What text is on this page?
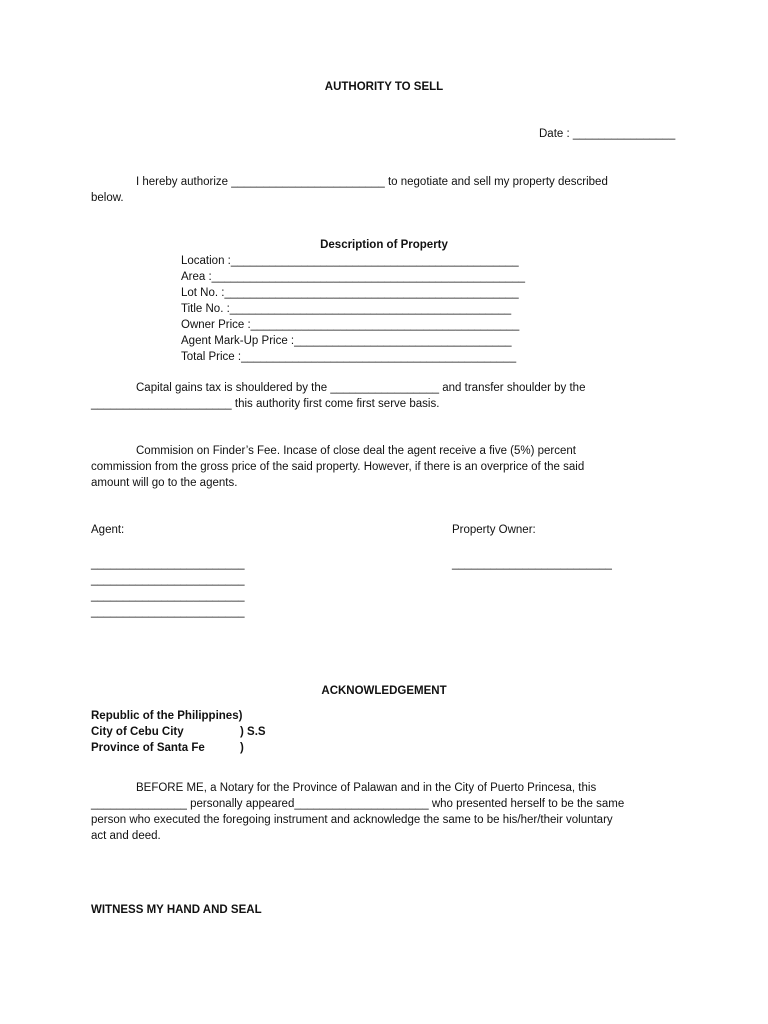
AUTHORITY TO SELL
Date : ________________
I hereby authorize ________________________ to negotiate and sell my property described
below.
Description of Property
Location :_____________________________________________
Area :_________________________________________________
Lot No. :______________________________________________
Title No. :____________________________________________
Owner Price :__________________________________________
Agent Mark-Up Price :__________________________________
Total Price :___________________________________________
Capital gains tax is shouldered by the _________________ and transfer shoulder by the
______________________ this authority first come first serve basis.
Commision on Finder’s Fee. Incase of close deal the agent receive a five (5%) percent
commission from the gross price of the said property. However, if there is an overprice of the said
amount will go to the agents.
Agent:	Property Owner:
________________________
________________________
________________________
________________________
_________________________
ACKNOWLEDGEMENT
Republic of the Philippines)
City of Cebu City	) S.S
Province of Santa Fe	)
BEFORE ME, a Notary for the Province of Palawan and in the City of Puerto Princesa, this
_______________ personally appeared_____________________ who presented herself to be the same
person who executed the foregoing instrument and acknowledge the same to be his/her/their voluntary
act and deed.
WITNESS MY HAND AND SEAL
